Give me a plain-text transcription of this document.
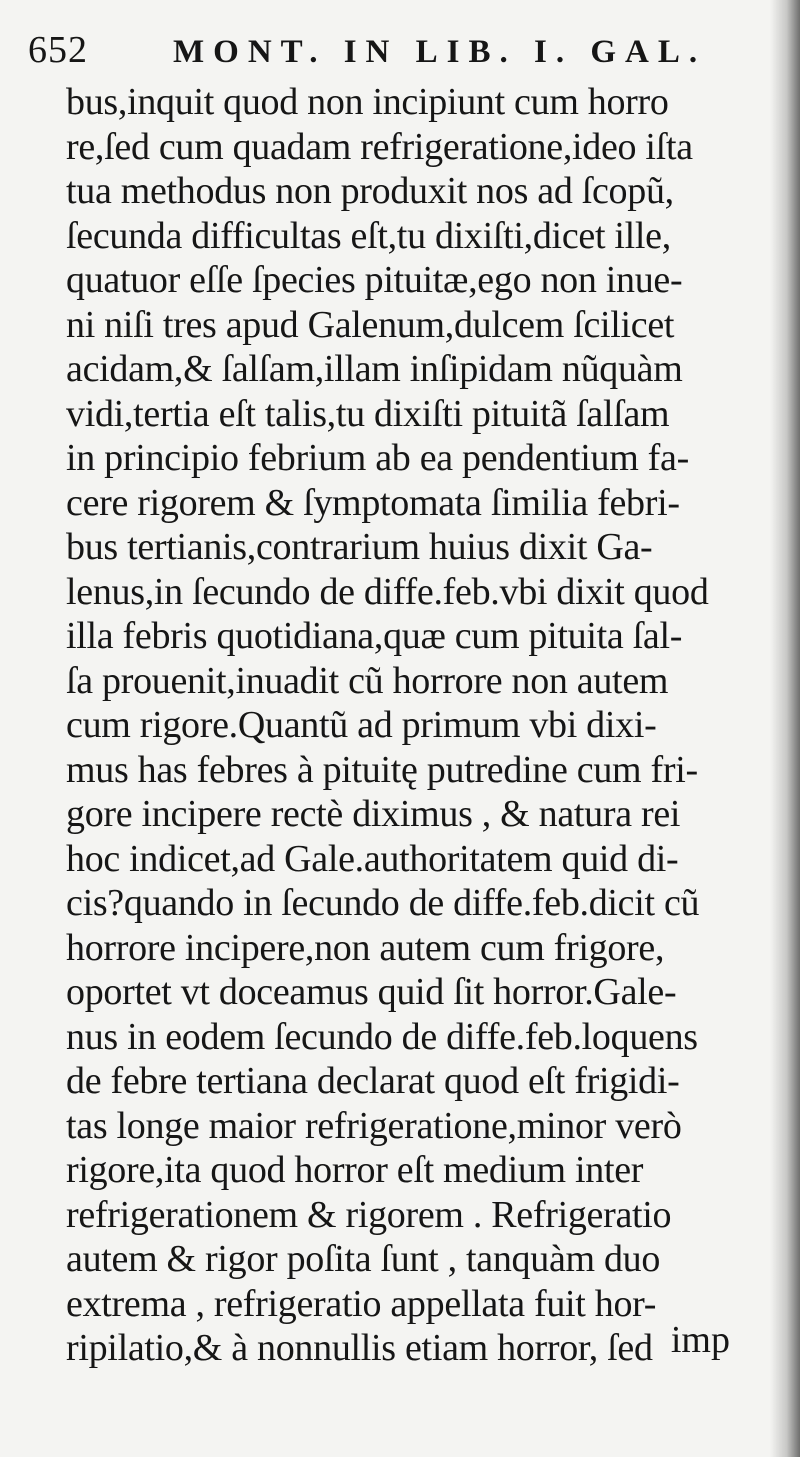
652	MONT. IN LIB. I. GAL.
bus,inquit quod non incipiunt cum horro
re,ſed cum quadam refrigeratione,ideo iſta
tua methodus non produxit nos ad ſcopũ,
ſecunda difficultas eſt,tu dixiſti,dicet ille,
quatuor eſſe ſpecies pituitæ,ego non inue-
ni niſi tres apud Galenum,dulcem ſcilicet
acidam,& ſalſam,illam inſipidam nũquàm
vidi,tertia eſt talis,tu dixiſti pituitã ſalſam
in principio febrium ab ea pendentium fa-
cere rigorem & ſymptomata ſimilia febri-
bus tertianis,contrarium huius dixit Ga-
lenus,in ſecundo de diffe.feb.vbi dixit quod
illa febris quotidiana,quæ cum pituita ſal-
ſa prouenit,inuadit cũ horrore non autem
cum rigore.Quantũ ad primum vbi dixi-
mus has febres à pituitę putredine cum fri-
gore incipere rectè diximus , & natura rei
hoc indicet,ad Gale.authoritatem quid di-
cis?quando in ſecundo de diffe.feb.dicit cũ
horrore incipere,non autem cum frigore,
oportet vt doceamus quid ſit horror.Gale-
nus in eodem ſecundo de diffe.feb.loquens
de febre tertiana declarat quod eſt frigidi-
tas longe maior refrigeratione,minor verò
rigore,ita quod horror eſt medium inter
refrigerationem & rigorem . Refrigeratio
autem & rigor poſita ſunt , tanquàm duo
extrema , refrigeratio appellata fuit hor-
ripilatio,& à nonnullis etiam horror, ſed imp
